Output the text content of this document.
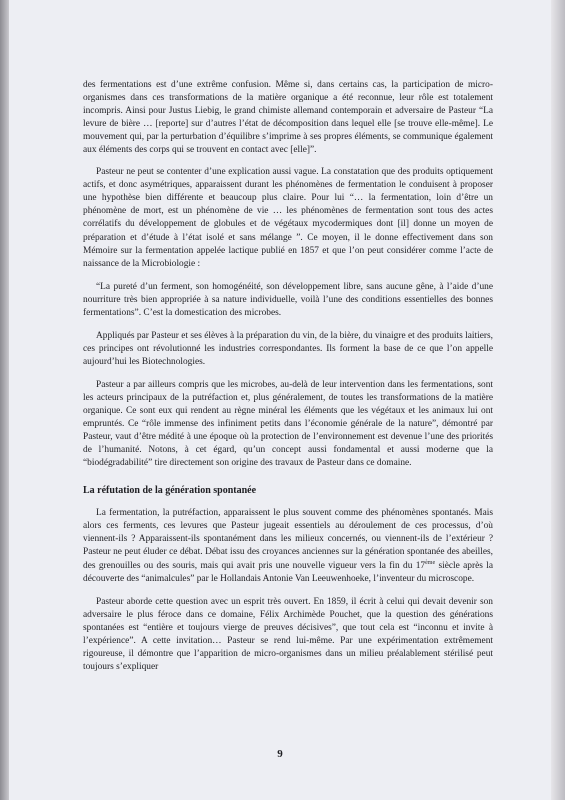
des fermentations est d’une extrême confusion. Même si, dans certains cas, la participation de micro-organismes dans ces transformations de la matière organique a été reconnue, leur rôle est totalement incompris. Ainsi pour Justus Liebig, le grand chimiste allemand contemporain et adversaire de Pasteur “La levure de bière … [reporte] sur d’autres l’état de décomposition dans lequel elle [se trouve elle-même]. Le mouvement qui, par la perturbation d’équilibre s’imprime à ses propres éléments, se communique également aux éléments des corps qui se trouvent en contact avec [elle]”.

Pasteur ne peut se contenter d’une explication aussi vague. La constatation que des produits optiquement actifs, et donc asymétriques, apparaissent durant les phénomènes de fermentation le conduisent à proposer une hypothèse bien différente et beaucoup plus claire. Pour lui “… la fermentation, loin d’être un phénomène de mort, est un phénomène de vie … les phénomènes de fermentation sont tous des actes corrélatifs du développement de globules et de végétaux mycodermiques dont [il] donne un moyen de préparation et d’étude à l’état isolé et sans mélange ”. Ce moyen, il le donne effectivement dans son Mémoire sur la fermentation appelée lactique publié en 1857 et que l’on peut considérer comme l’acte de naissance de la Microbiologie :

“La pureté d’un ferment, son homogénéité, son développement libre, sans aucune gêne, à l’aide d’une nourriture très bien appropriée à sa nature individuelle, voilà l’une des conditions essentielles des bonnes fermentations”. C’est la domestication des microbes.

Appliqués par Pasteur et ses élèves à la préparation du vin, de la bière, du vinaigre et des produits laitiers, ces principes ont révolutionné les industries correspondantes. Ils forment la base de ce que l’on appelle aujourd’hui les Biotechnologies.

Pasteur a par ailleurs compris que les microbes, au-delà de leur intervention dans les fermentations, sont les acteurs principaux de la putréfaction et, plus généralement, de toutes les transformations de la matière organique. Ce sont eux qui rendent au règne minéral les éléments que les végétaux et les animaux lui ont empruntés. Ce “rôle immense des infiniment petits dans l’économie générale de la nature”, démontré par Pasteur, vaut d’être médité à une époque où la protection de l’environnement est devenue l’une des priorités de l’humanité. Notons, à cet égard, qu’un concept aussi fondamental et aussi moderne que la “biodégradabilité” tire directement son origine des travaux de Pasteur dans ce domaine.

La réfutation de la génération spontanée

La fermentation, la putréfaction, apparaissent le plus souvent comme des phénomènes spontanés. Mais alors ces ferments, ces levures que Pasteur jugeait essentiels au déroulement de ces processus, d’où viennent-ils ? Apparaissent-ils spontanément dans les milieux concernés, ou viennent-ils de l’extérieur ? Pasteur ne peut éluder ce débat. Débat issu des croyances anciennes sur la génération spontanée des abeilles, des grenouilles ou des souris, mais qui avait pris une nouvelle vigueur vers la fin du 17ème siècle après la découverte des “animalcules” par le Hollandais Antonie Van Leeuwenhoeke, l’inventeur du microscope.

Pasteur aborde cette question avec un esprit très ouvert. En 1859, il écrit à celui qui devait devenir son adversaire le plus féroce dans ce domaine, Félix Archimède Pouchet, que la question des générations spontanées est “entière et toujours vierge de preuves décisives”, que tout cela est “inconnu et invite à l’expérience”. A cette invitation… Pasteur se rend lui-même. Par une expérimentation extrêmement rigoureuse, il démontre que l’apparition de micro-organismes dans un milieu préalablement stérilisé peut toujours s’expliquer

9
